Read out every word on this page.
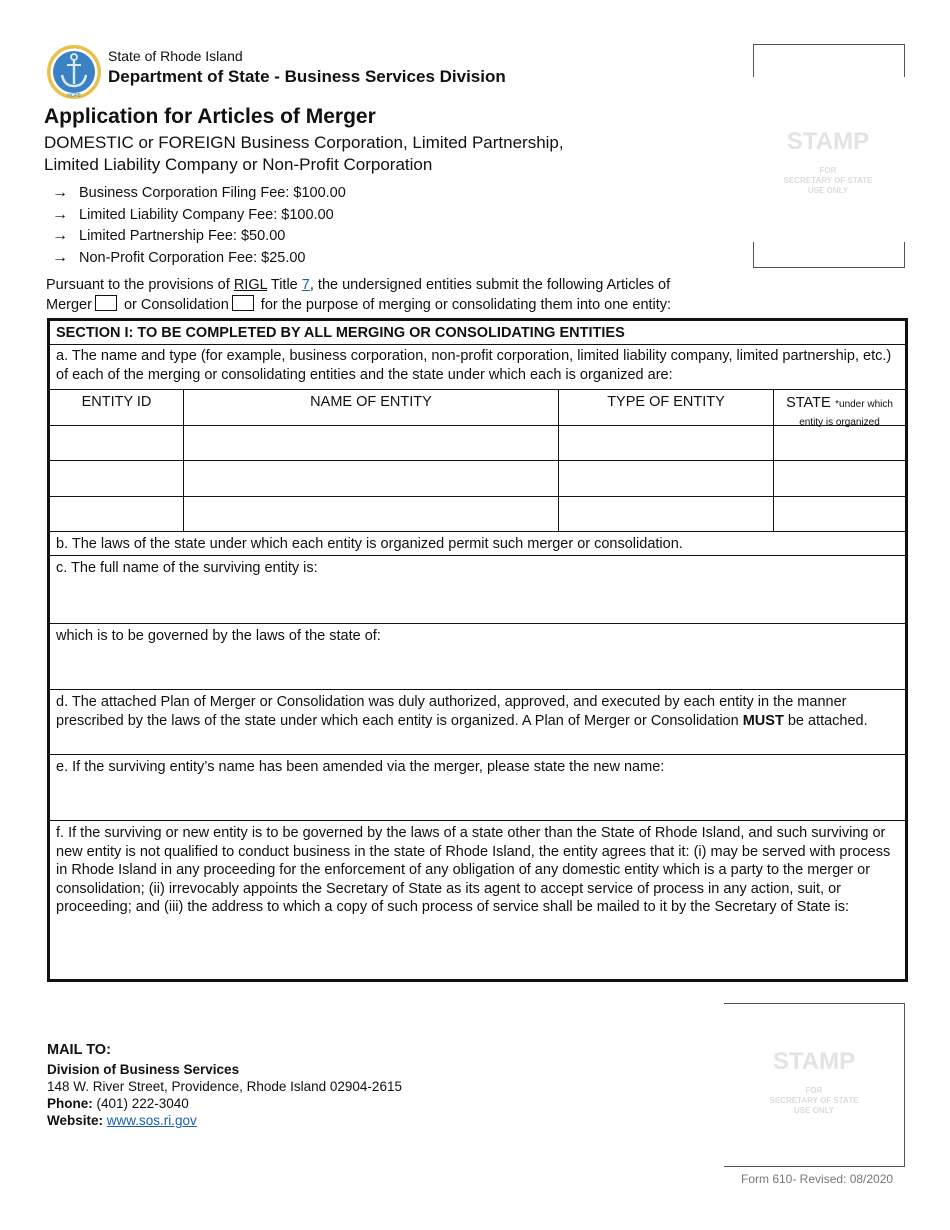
HOPE
State of Rhode Island
Department of State - Business Services Division
Application for Articles of Merger
DOMESTIC or FOREIGN Business Corporation, Limited Partnership,
Limited Liability Company or Non-Profit Corporation
→ Business Corporation Filing Fee: $100.00
→ Limited Liability Company Fee: $100.00
→ Limited Partnership Fee: $50.00
→ Non-Profit Corporation Fee: $25.00
Pursuant to the provisions of RIGL Title 7, the undersigned entities submit the following Articles of
Merger or Consolidation for the purpose of merging or consolidating them into one entity:
STAMP
FOR
SECRETARY OF STATE
USE ONLY
SECTION I: TO BE COMPLETED BY ALL MERGING OR CONSOLIDATING ENTITIES
a. The name and type (for example, business corporation, non-profit corporation, limited liability company, limited partnership, etc.) of each of the merging or consolidating entities and the state under which each is organized are:
ENTITY ID	NAME OF ENTITY	TYPE OF ENTITY	STATE *under which
entity is organized
b. The laws of the state under which each entity is organized permit such merger or consolidation.
c. The full name of the surviving entity is:
which is to be governed by the laws of the state of:
d. The attached Plan of Merger or Consolidation was duly authorized, approved, and executed by each entity in the manner prescribed by the laws of the state under which each entity is organized. A Plan of Merger or Consolidation MUST be attached.
e. If the surviving entity’s name has been amended via the merger, please state the new name:
f. If the surviving or new entity is to be governed by the laws of a state other than the State of Rhode Island, and such surviving or new entity is not qualified to conduct business in the state of Rhode Island, the entity agrees that it: (i) may be served with process in Rhode Island in any proceeding for the enforcement of any obligation of any domestic entity which is a party to the merger or consolidation; (ii) irrevocably appoints the Secretary of State as its agent to accept service of process in any action, suit, or proceeding; and (iii) the address to which a copy of such process of service shall be mailed to it by the Secretary of State is:
MAIL TO:
Division of Business Services
148 W. River Street, Providence, Rhode Island 02904-2615
Phone: (401) 222-3040
Website: www.sos.ri.gov
STAMP
FOR
SECRETARY OF STATE
USE ONLY
Form 610- Revised: 08/2020
